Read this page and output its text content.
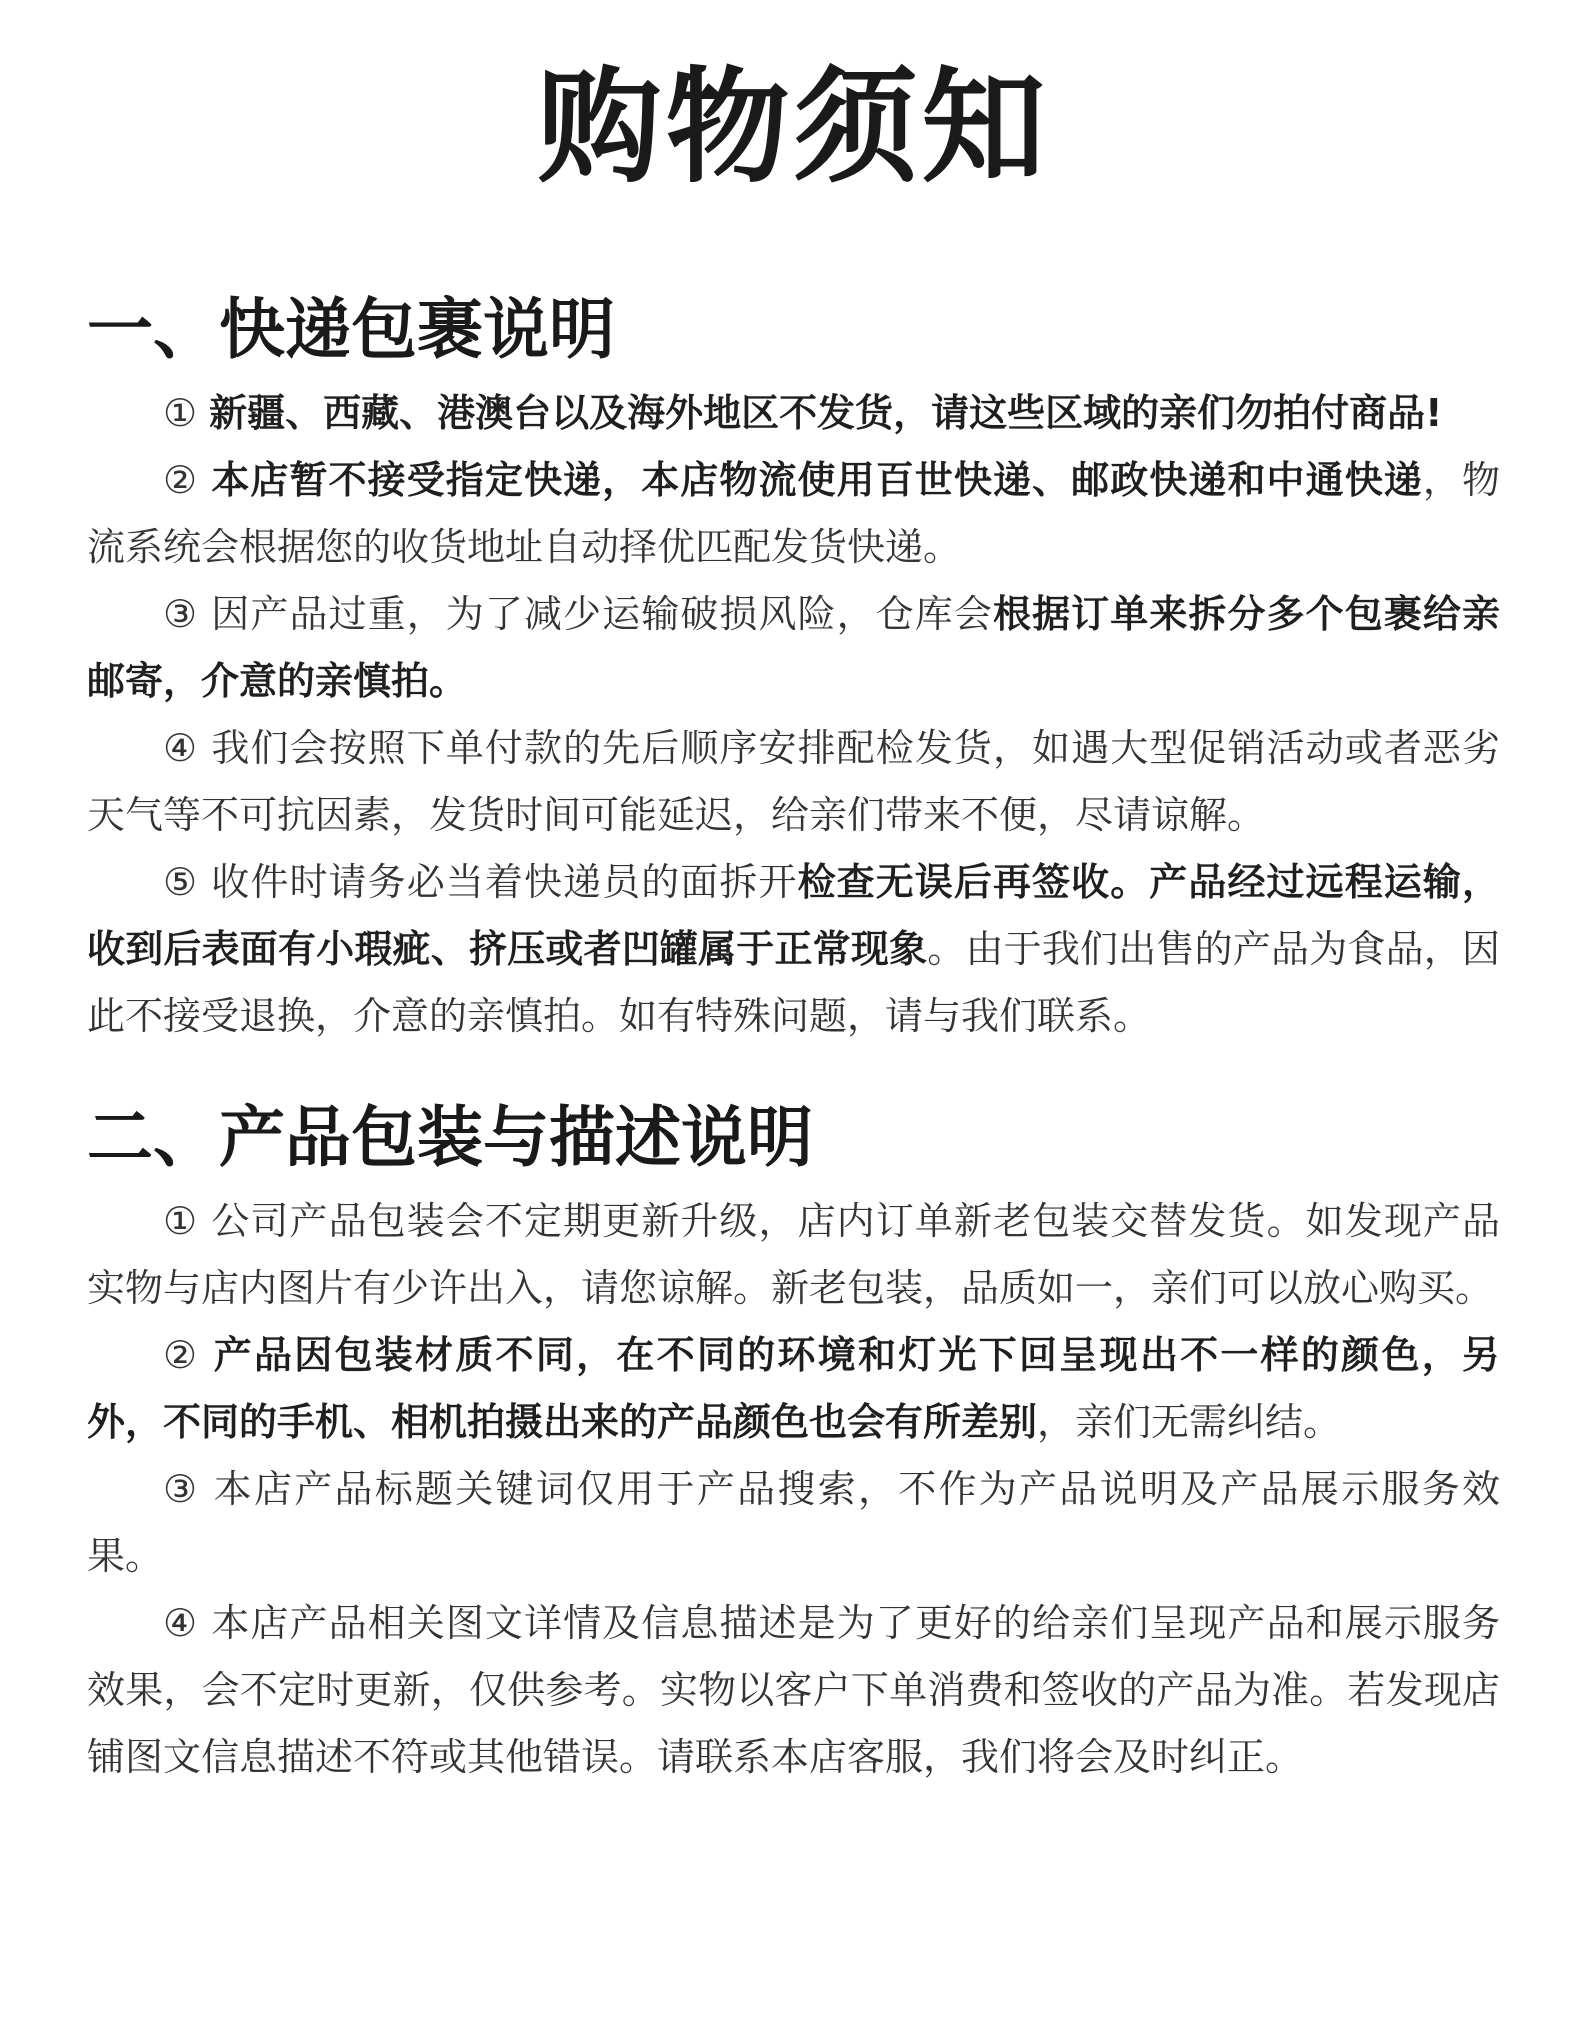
购物须知
一、快递包裹说明

① 新疆、西藏、港澳台以及海外地区不发货，请这些区域的亲们勿拍付商品!

② 本店暂不接受指定快递，本店物流使用百世快递、邮政快递和中通快递，物流系统会根据您的收货地址自动择优匹配发货快递。

③ 因产品过重，为了减少运输破损风险，仓库会根据订单来拆分多个包裹给亲邮寄，介意的亲慎拍。

④ 我们会按照下单付款的先后顺序安排配检发货，如遇大型促销活动或者恶劣天气等不可抗因素，发货时间可能延迟，给亲们带来不便，尽请谅解。

⑤ 收件时请务必当着快递员的面拆开检查无误后再签收。产品经过远程运输，收到后表面有小瑕疵、挤压或者凹罐属于正常现象。由于我们出售的产品为食品，因此不接受退换，介意的亲慎拍。如有特殊问题，请与我们联系。

二、产品包装与描述说明

① 公司产品包装会不定期更新升级，店内订单新老包装交替发货。如发现产品实物与店内图片有少许出入，请您谅解。新老包装，品质如一，亲们可以放心购买。

② 产品因包装材质不同，在不同的环境和灯光下回呈现出不一样的颜色，另外，不同的手机、相机拍摄出来的产品颜色也会有所差别，亲们无需纠结。

③ 本店产品标题关键词仅用于产品搜索，不作为产品说明及产品展示服务效果。

④ 本店产品相关图文详情及信息描述是为了更好的给亲们呈现产品和展示服务效果，会不定时更新，仅供参考。实物以客户下单消费和签收的产品为准。若发现店铺图文信息描述不符或其他错误。请联系本店客服，我们将会及时纠正。
